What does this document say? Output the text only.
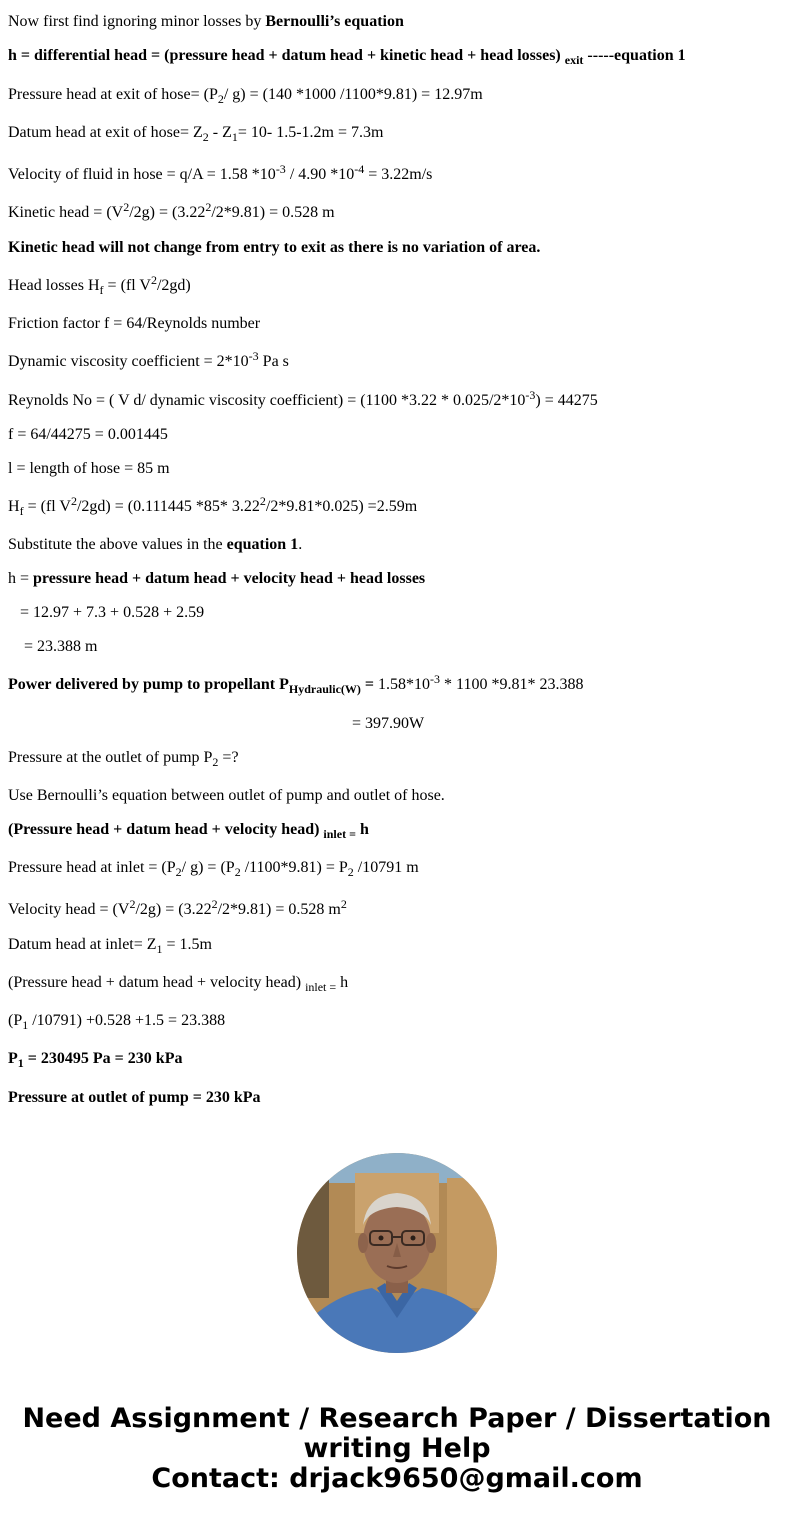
Now first find ignoring minor losses by Bernoulli’s equation
h = differential head = (pressure head + datum head + kinetic head + head losses) $_{exit}$ -----equation 1
Pressure head at exit of hose= ($P_2/$ g) = (140 *1000 /1100*9.81) = 12.97m
Datum head at exit of hose= $Z_2 - Z_1= 10-$ 1.5-1.2m = 7.3m
Velocity of fluid in hose = q/A = 1.58 $*10^{-3} / 4.90$ $*10^{-4} = 3.22m/s$
Kinetic head = $(V^2/2g) = (3.22^2/2*9.81) = 0.528$ m
Kinetic head will not change from entry to exit as there is no variation of area.
Head losses $H_f = (fl$ $V^2/2gd$)
Friction factor f = 64/Reynolds number
Dynamic viscosity coefficient = $2*10^{-3}$ Pa s
Reynolds No = ( V d/ dynamic viscosity coefficient) = (1100 $*3.22 * 0.025/2*10^{-3}) = 44275$
f = 64/44275 = 0.001445
l = length of hose = 85 m
$H_f = (fl$ $V^2/2gd) = (0.111445$ *85* $3.22^2/2*9.81*0.025) =2.59m$
Substitute the above values in the equation 1.
h = pressure head + datum head + velocity head + head losses
= 12.97 + 7.3 + 0.528 + 2.59
= 23.388 m
Power delivered by pump to propellant $P_{Hydraulic(W)} = 1.58*10^{-3} * 1100$ *9.81* 23.388
= 397.90W
Pressure at the outlet of pump $P_2$ =?
Use Bernoulli’s equation between outlet of pump and outlet of hose.
(Pressure head + datum head + velocity head) $_{inlet =}$ h
Pressure head at inlet = ($P_2/$ $g) = (P_2$ $/1100*9.81) = P_2$ /10791 m
Velocity head = $(V^2/2g) = (3.22^2/2*9.81) = 0.528$ $m^2$
Datum head at inlet= $Z_1 = 1.5m$
(Pressure head + datum head + velocity head) $_{inlet =}$ h
($P_1$ /10791) +0.528 +1.5 = 23.388
$P_1 = 230495$ Pa = 230 kPa
Pressure at outlet of pump = 230 kPa
Need Assignment / Research Paper / Dissertation
writing Help
Contact: drjack9650@gmail.com
